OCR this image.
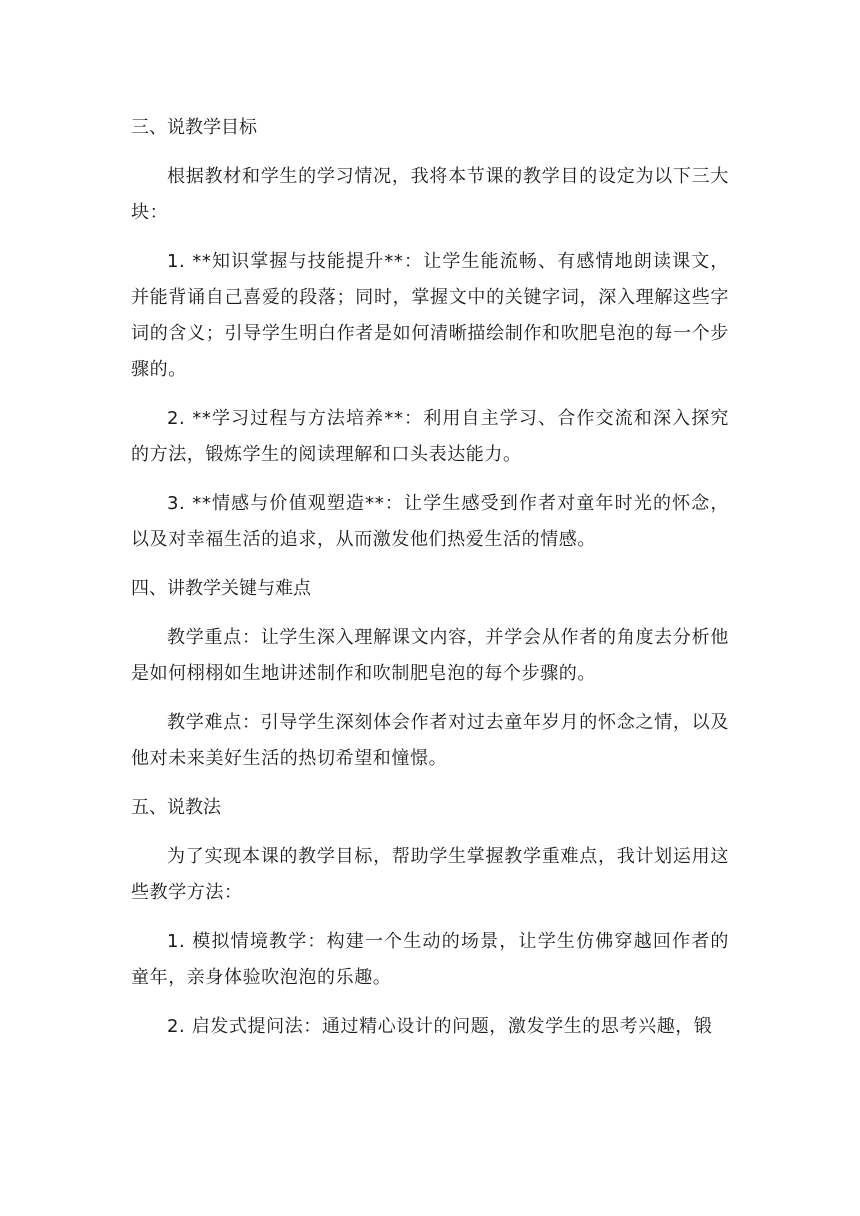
三、说教学目标

根据教材和学生的学习情况，我将本节课的教学目的设定为以下三大块：

1. **知识掌握与技能提升**：让学生能流畅、有感情地朗读课文，并能背诵自己喜爱的段落；同时，掌握文中的关键字词，深入理解这些字词的含义；引导学生明白作者是如何清晰描绘制作和吹肥皂泡的每一个步骤的。

2. **学习过程与方法培养**：利用自主学习、合作交流和深入探究的方法，锻炼学生的阅读理解和口头表达能力。

3. **情感与价值观塑造**：让学生感受到作者对童年时光的怀念，以及对幸福生活的追求，从而激发他们热爱生活的情感。

四、讲教学关键与难点

教学重点：让学生深入理解课文内容，并学会从作者的角度去分析他是如何栩栩如生地讲述制作和吹制肥皂泡的每个步骤的。

教学难点：引导学生深刻体会作者对过去童年岁月的怀念之情，以及他对未来美好生活的热切希望和憧憬。

五、说教法

为了实现本课的教学目标，帮助学生掌握教学重难点，我计划运用这些教学方法：

1. 模拟情境教学：构建一个生动的场景，让学生仿佛穿越回作者的童年，亲身体验吹泡泡的乐趣。

2. 启发式提问法：通过精心设计的问题，激发学生的思考兴趣，锻
